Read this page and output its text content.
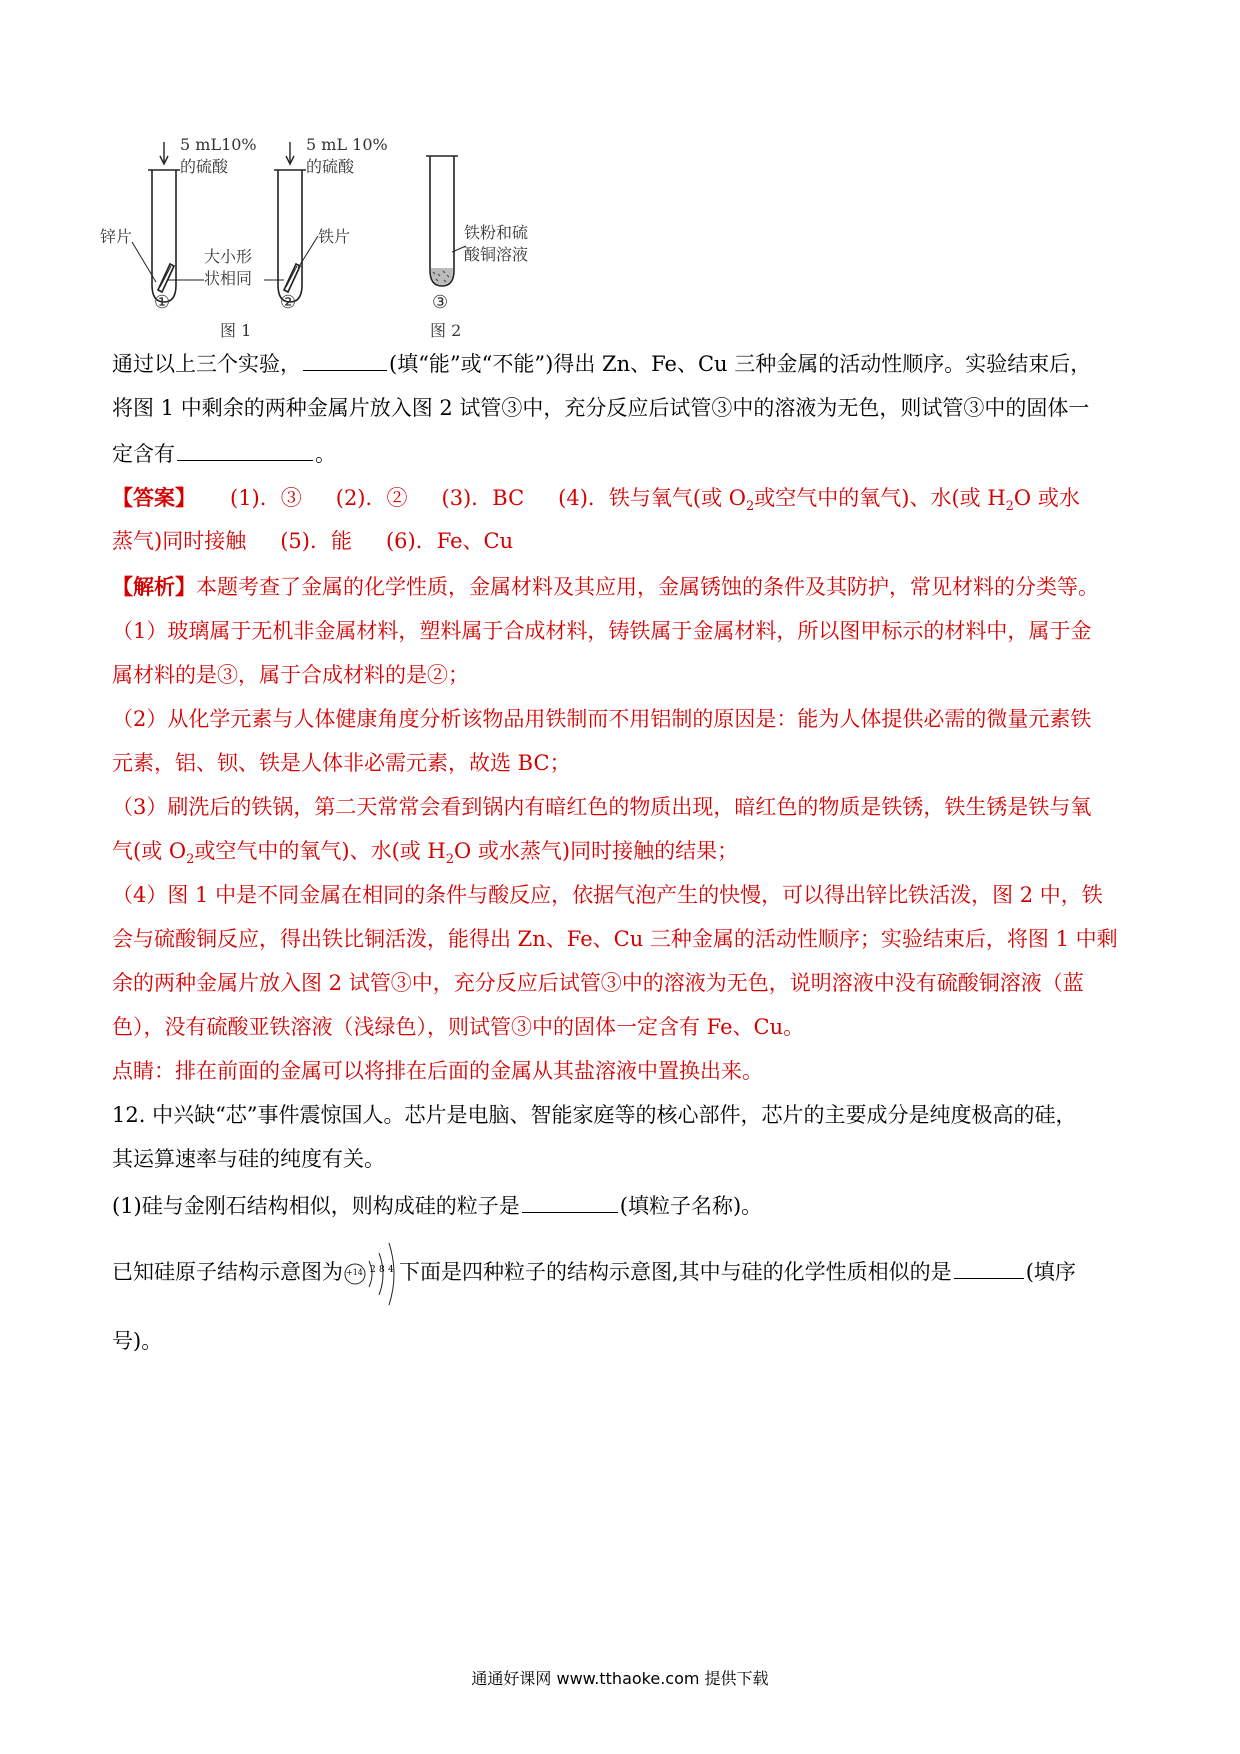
5 mL10%
的硫酸
5 mL 10%
的硫酸
锌片	铁片
大小形
状相同
铁粉和硫
酸铜溶液
①	②	③
图 1	图 2
通过以上三个实验，	(填“能”或“不能”)得出 Zn、Fe、Cu 三种金属的活动性顺序。实验结束后，
将图 1 中剩余的两种金属片放入图 2 试管③中，充分反应后试管③中的溶液为无色，则试管③中的固体一
定含有	。
【答案】 (1)．③ (2)．② (3)．BC (4)．铁与氧气(或 $O_2$或空气中的氧气)、水(或 $H_2O$ 或水
蒸气)同时接触 (5)．能 (6)．Fe、Cu
【解析】本题考查了金属的化学性质，金属材料及其应用，金属锈蚀的条件及其防护，常见材料的分类等。
（1）玻璃属于无机非金属材料，塑料属于合成材料，铸铁属于金属材料，所以图甲标示的材料中，属于金
属材料的是③，属于合成材料的是②；
（2）从化学元素与人体健康角度分析该物品用铁制而不用铝制的原因是：能为人体提供必需的微量元素铁
元素，铝、钡、铁是人体非必需元素，故选 BC；
（3）刷洗后的铁锅，第二天常常会看到锅内有暗红色的物质出现，暗红色的物质是铁锈，铁生锈是铁与氧
气(或 $O_2$或空气中的氧气)、水(或 $H_2O$ 或水蒸气)同时接触的结果；
（4）图 1 中是不同金属在相同的条件与酸反应，依据气泡产生的快慢，可以得出锌比铁活泼，图 2 中，铁
会与硫酸铜反应，得出铁比铜活泼，能得出 Zn、Fe、Cu 三种金属的活动性顺序；实验结束后，将图 1 中剩
余的两种金属片放入图 2 试管③中，充分反应后试管③中的溶液为无色，说明溶液中没有硫酸铜溶液（蓝
色），没有硫酸亚铁溶液（浅绿色），则试管③中的固体一定含有 Fe、Cu。
点睛：排在前面的金属可以将排在后面的金属从其盐溶液中置换出来。
12. 中兴缺“芯”事件震惊国人。芯片是电脑、智能家庭等的核心部件，芯片的主要成分是纯度极高的硅，
其运算速率与硅的纯度有关。
(1)硅与金刚石结构相似，则构成硅的粒子是	(填粒子名称)。
已知硅原子结构示意图为 +14 2 8 4 下面是四种粒子的结构示意图,其中与硅的化学性质相似的是	(填序
号)。
通通好课网 www.tthaoke.com 提供下载
